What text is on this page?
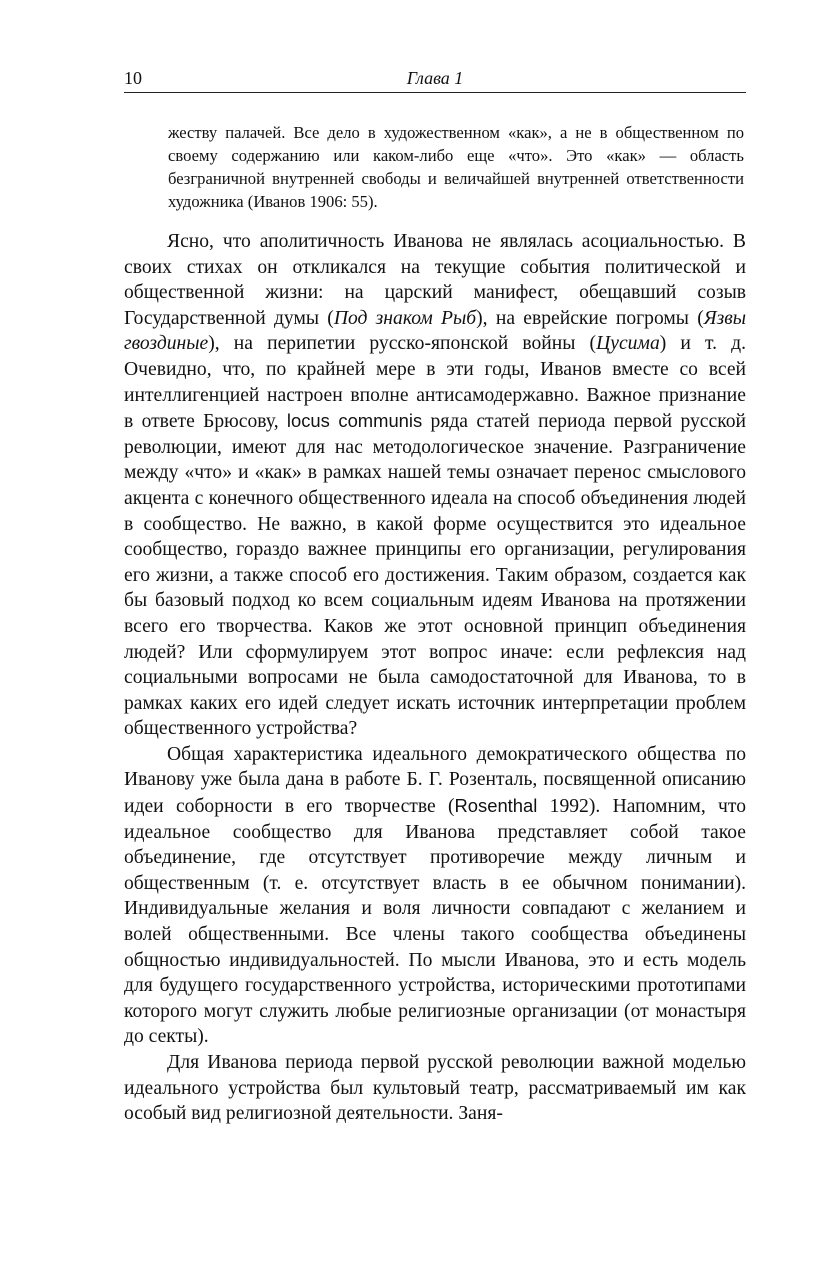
10	Глава 1
жеству палачей. Все дело в художественном «как», а не в общественном по своему содержанию или каком-либо еще «что». Это «как» — область безграничной внутренней свободы и величайшей внутренней ответственности художника (Иванов 1906: 55).

Ясно, что аполитичность Иванова не являлась асоциальностью. В своих стихах он откликался на текущие события политической и общественной жизни: на царский манифест, обещавший созыв Государственной думы (Под знаком Рыб), на еврейские погромы (Язвы гвоздиные), на перипетии русско-японской войны (Цусима) и т. д. Очевидно, что, по крайней мере в эти годы, Иванов вместе со всей интеллигенцией настроен вполне антисамодержавно. Важное признание в ответе Брюсову, locus communis ряда статей периода первой русской революции, имеют для нас методологическое значение. Разграничение между «что» и «как» в рамках нашей темы означает перенос смыслового акцента с конечного общественного идеала на способ объединения людей в сообщество. Не важно, в какой форме осуществится это идеальное сообщество, гораздо важнее принципы его организации, регулирования его жизни, а также способ его достижения. Таким образом, создается как бы базовый подход ко всем социальным идеям Иванова на протяжении всего его творчества. Каков же этот основной принцип объединения людей? Или сформулируем этот вопрос иначе: если рефлексия над социальными вопросами не была самодостаточной для Иванова, то в рамках каких его идей следует искать источник интерпретации проблем общественного устройства?

Общая характеристика идеального демократического общества по Иванову уже была дана в работе Б. Г. Розенталь, посвященной описанию идеи соборности в его творчестве (Rosenthal 1992). Напомним, что идеальное сообщество для Иванова представляет собой такое объединение, где отсутствует противоречие между личным и общественным (т. е. отсутствует власть в ее обычном понимании). Индивидуальные желания и воля личности совпадают с желанием и волей общественными. Все члены такого сообщества объединены общностью индивидуальностей. По мысли Иванова, это и есть модель для будущего государственного устройства, историческими прототипами которого могут служить любые религиозные организации (от монастыря до секты).

Для Иванова периода первой русской революции важной моделью идеального устройства был культовый театр, рассматриваемый им как особый вид религиозной деятельности. Заня-
